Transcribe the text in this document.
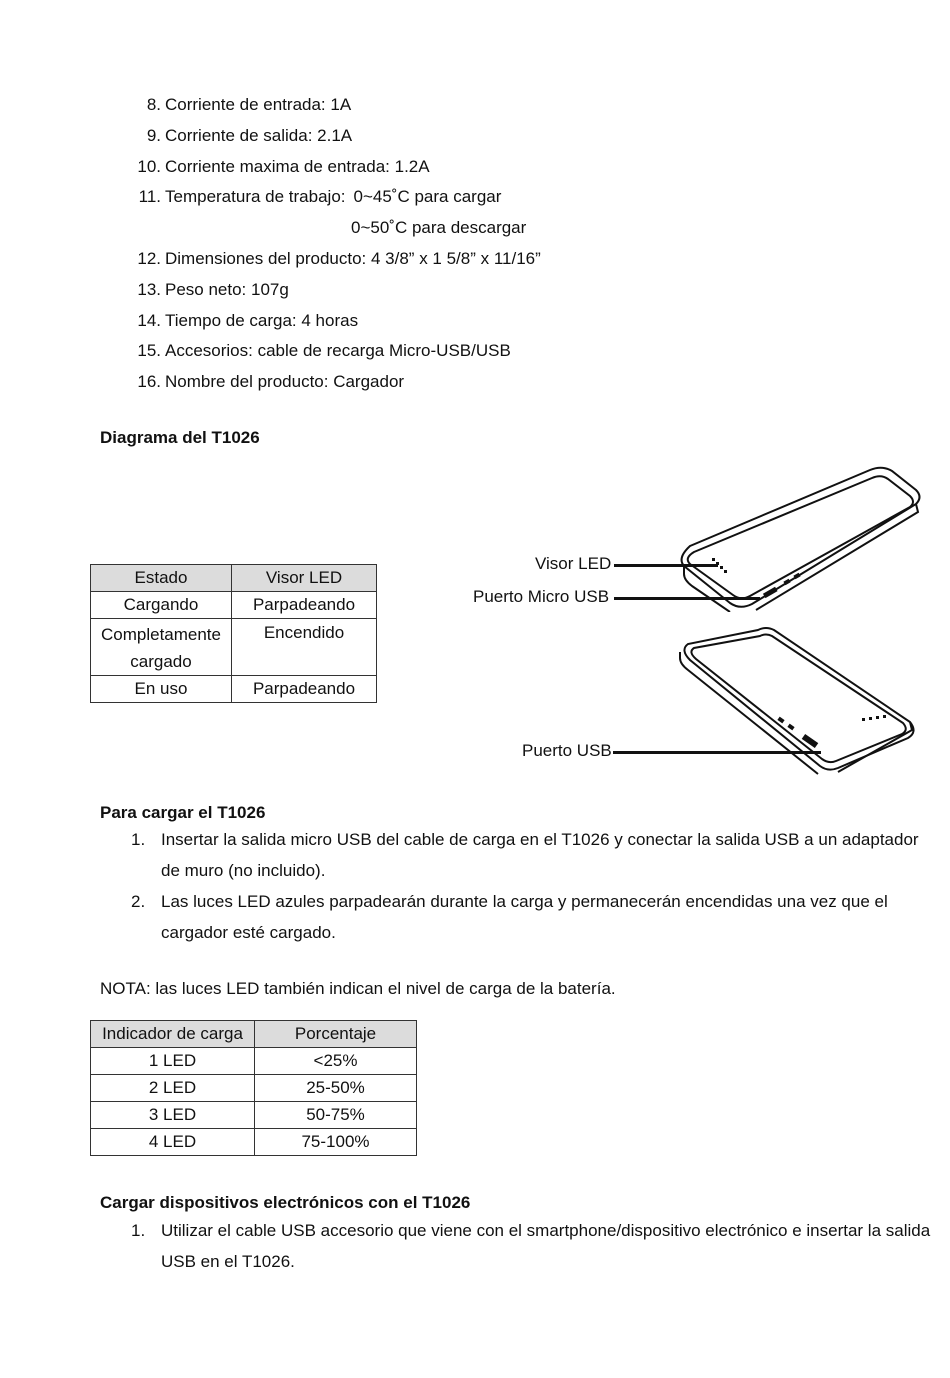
8. Corriente de entrada: 1A
9. Corriente de salida: 2.1A
10. Corriente maxima de entrada: 1.2A
11. Temperatura de trabajo: 0~45˚C para cargar
0~50˚C para descargar
12. Dimensiones del producto: 4 3/8” x 1 5/8” x 11/16”
13. Peso neto: 107g
14. Tiempo de carga: 4 horas
15. Accesorios: cable de recarga Micro-USB/USB
16. Nombre del producto: Cargador
Diagrama del T1026
Estado	Visor LED
Cargando	Parpadeando
Completamente cargado	Encendido
En uso	Parpadeando
Visor LED
Puerto Micro USB
Puerto USB
Para cargar el T1026
1. Insertar la salida micro USB del cable de carga en el T1026 y conectar la salida USB a un adaptador de muro (no incluido).
2. Las luces LED azules parpadearán durante la carga y permanecerán encendidas una vez que el cargador esté cargado.
NOTA: las luces LED también indican el nivel de carga de la batería.
Indicador de carga	Porcentaje
1 LED	<25%
2 LED	25-50%
3 LED	50-75%
4 LED	75-100%
Cargar dispositivos electrónicos con el T1026
1. Utilizar el cable USB accesorio que viene con el smartphone/dispositivo electrónico e insertar la salida USB en el T1026.
